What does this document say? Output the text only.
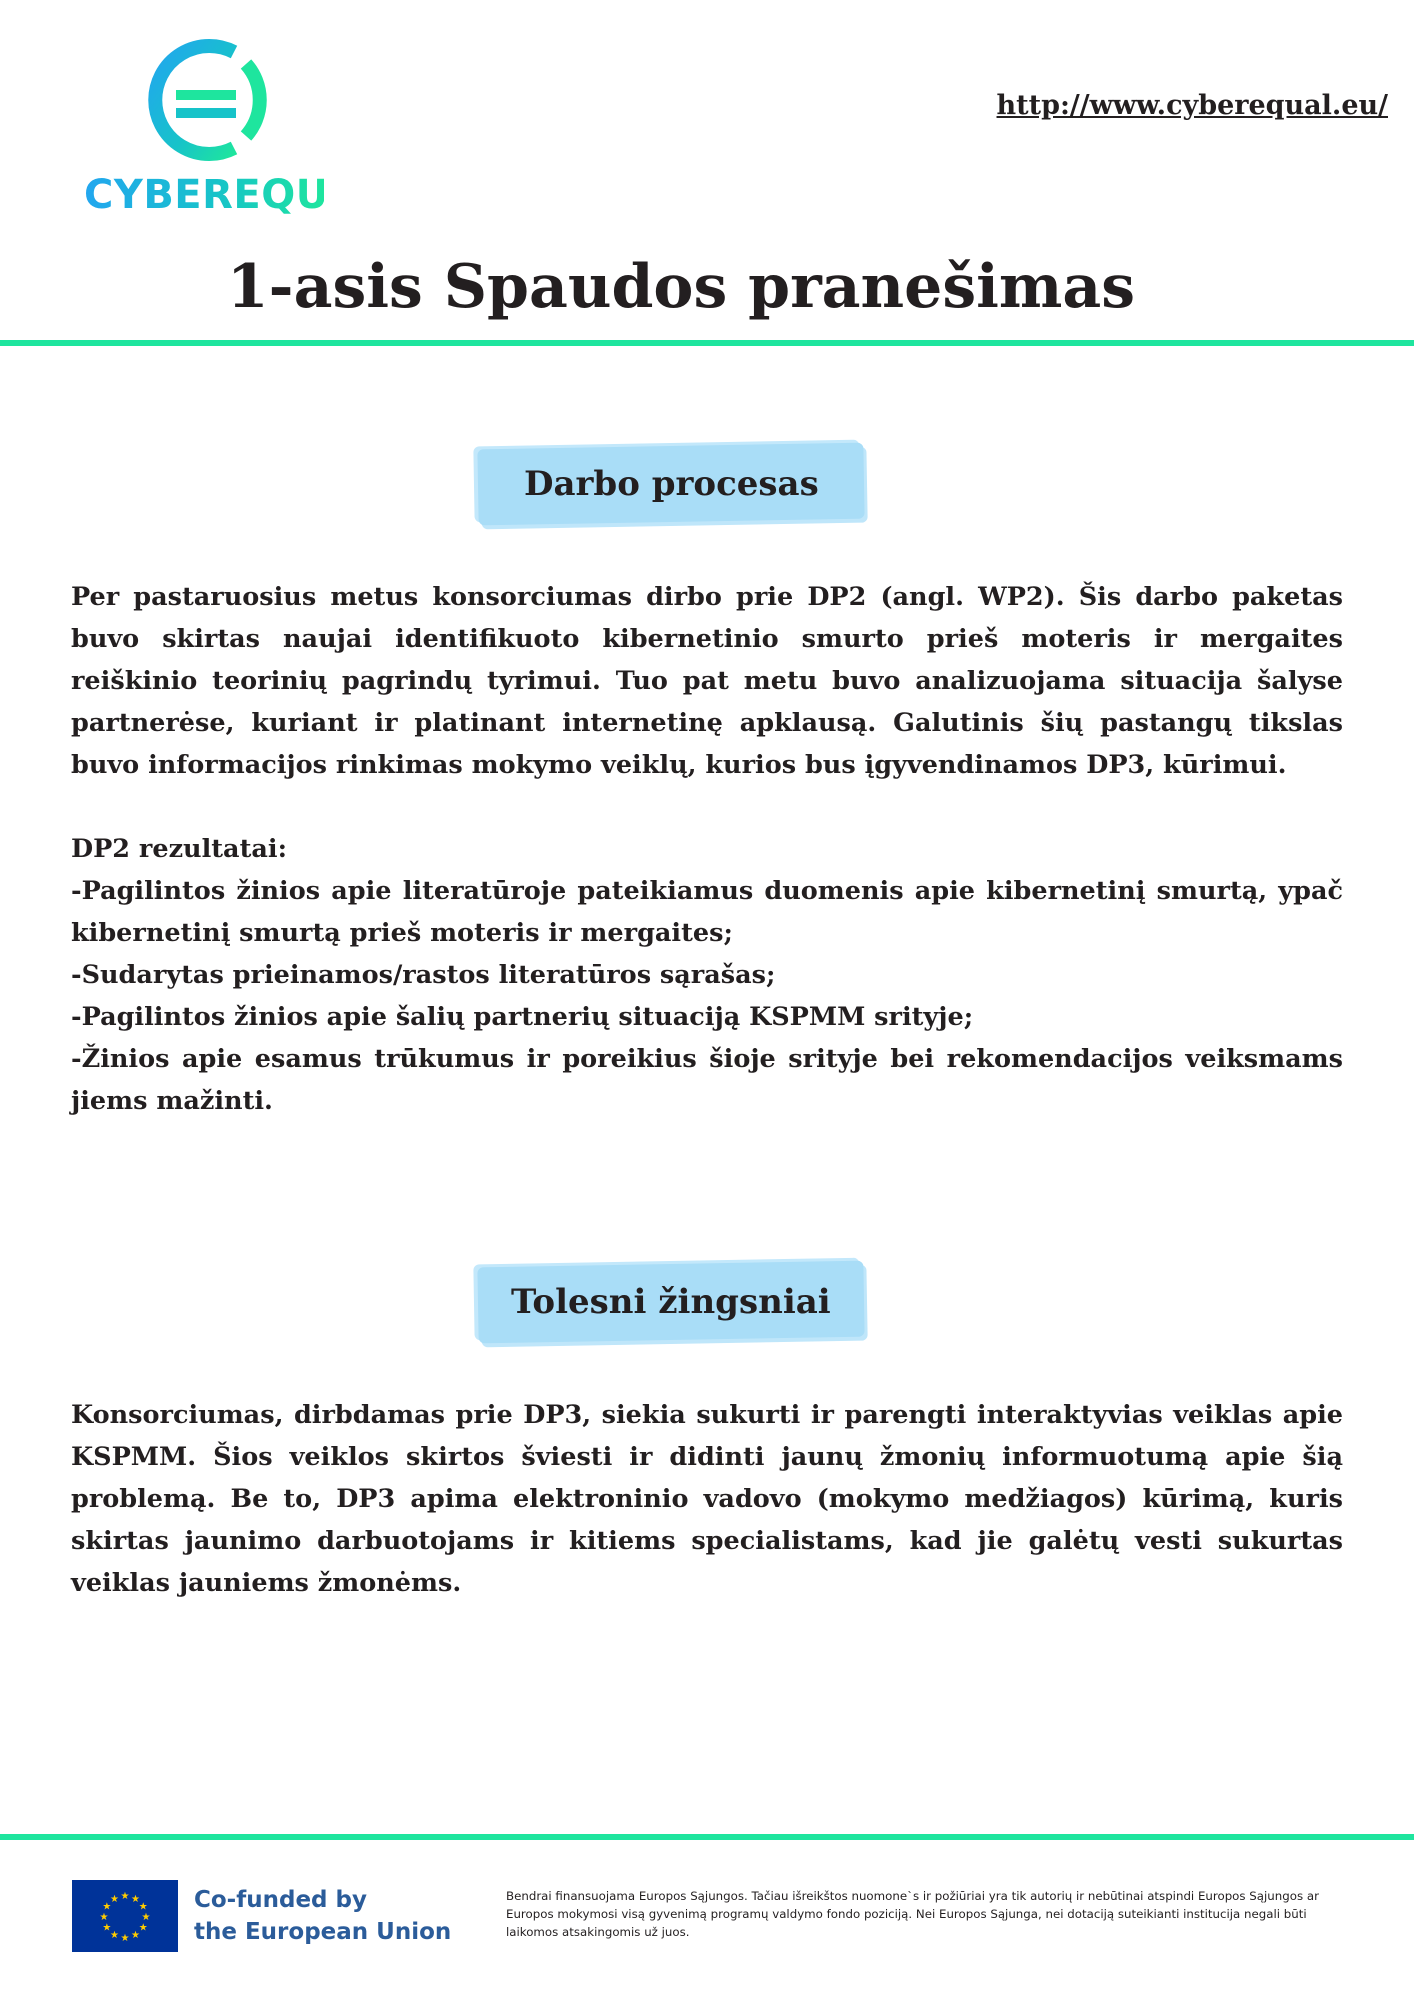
CYBEREQUAL
http://www.cyberequal.eu/
1-asis Spaudos pranešimas
Darbo procesas

Per pastaruosius metus konsorciumas dirbo prie DP2 (angl. WP2). Šis darbo paketas buvo skirtas naujai identifikuoto kibernetinio smurto prieš moteris ir mergaites reiškinio teorinių pagrindų tyrimui. Tuo pat metu buvo analizuojama situacija šalyse partnerėse, kuriant ir platinant internetinę apklausą. Galutinis šių pastangų tikslas buvo informacijos rinkimas mokymo veiklų, kurios bus įgyvendinamos DP3, kūrimui.

DP2 rezultatai:

-Pagilintos žinios apie literatūroje pateikiamus duomenis apie kibernetinį smurtą, ypač kibernetinį smurtą prieš moteris ir mergaites;

-Sudarytas prieinamos/rastos literatūros sąrašas;

-Pagilintos žinios apie šalių partnerių situaciją KSPMM srityje;

-Žinios apie esamus trūkumus ir poreikius šioje srityje bei rekomendacijos veiksmams jiems mažinti.

Tolesni žingsniai

Konsorciumas, dirbdamas prie DP3, siekia sukurti ir parengti interaktyvias veiklas apie KSPMM. Šios veiklos skirtos šviesti ir didinti jaunų žmonių informuotumą apie šią problemą. Be to, DP3 apima elektroninio vadovo (mokymo medžiagos) kūrimą, kuris skirtas jaunimo darbuotojams ir kitiems specialistams, kad jie galėtų vesti sukurtas veiklas jauniems žmonėms.

★ ★
★
★
★
★
★
★
★
★
★
★	Co-funded by
the European Union

Bendrai finansuojama Europos Sąjungos. Tačiau išreikštos nuomone`s ir požiūriai yra tik autorių ir nebūtinai atspindi Europos Sąjungos ar Europos mokymosi visą gyvenimą programų valdymo fondo poziciją. Nei Europos Sąjunga, nei dotaciją suteikianti institucija negali būti laikomos atsakingomis už juos.
